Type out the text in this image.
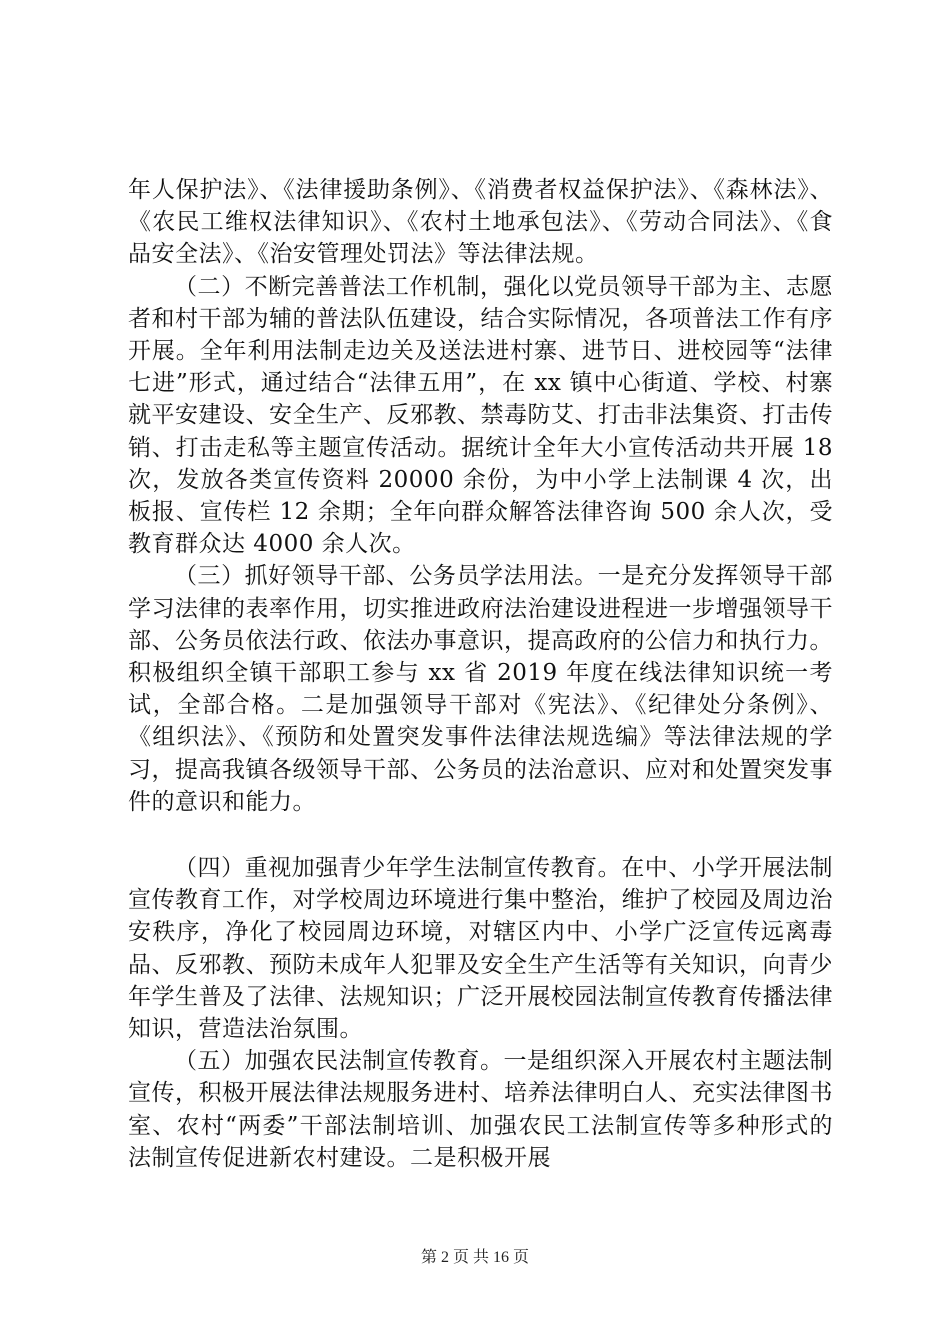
年人保护法》、《法律援助条例》、《消费者权益保护法》、《森林法》、《农民工维权法律知识》、《农村土地承包法》、《劳动合同法》、《食品安全法》、《治安管理处罚法》等法律法规。

（二）不断完善普法工作机制，强化以党员领导干部为主、志愿者和村干部为辅的普法队伍建设，结合实际情况，各项普法工作有序开展。全年利用法制走边关及送法进村寨、进节日、进校园等“法律七进”形式，通过结合“法律五用”，在 xx 镇中心街道、学校、村寨就平安建设、安全生产、反邪教、禁毒防艾、打击非法集资、打击传销、打击走私等主题宣传活动。据统计全年大小宣传活动共开展 18 次，发放各类宣传资料 20000 余份，为中小学上法制课 4 次，出板报、宣传栏 12 余期；全年向群众解答法律咨询 500 余人次，受教育群众达 4000 余人次。

（三）抓好领导干部、公务员学法用法。一是充分发挥领导干部学习法律的表率作用，切实推进政府法治建设进程进一步增强领导干部、公务员依法行政、依法办事意识，提高政府的公信力和执行力。积极组织全镇干部职工参与 xx 省 2019 年度在线法律知识统一考试，全部合格。二是加强领导干部对《宪法》、《纪律处分条例》、《组织法》、《预防和处置突发事件法律法规选编》等法律法规的学习，提高我镇各级领导干部、公务员的法治意识、应对和处置突发事件的意识和能力。

（四）重视加强青少年学生法制宣传教育。在中、小学开展法制宣传教育工作，对学校周边环境进行集中整治，维护了校园及周边治安秩序，净化了校园周边环境，对辖区内中、小学广泛宣传远离毒品、反邪教、预防未成年人犯罪及安全生产生活等有关知识，向青少年学生普及了法律、法规知识；广泛开展校园法制宣传教育传播法律知识，营造法治氛围。

（五）加强农民法制宣传教育。一是组织深入开展农村主题法制宣传，积极开展法律法规服务进村、培养法律明白人、充实法律图书室、农村“两委”干部法制培训、加强农民工法制宣传等多种形式的法制宣传促进新农村建设。二是积极开展

第 2 页 共 16 页
